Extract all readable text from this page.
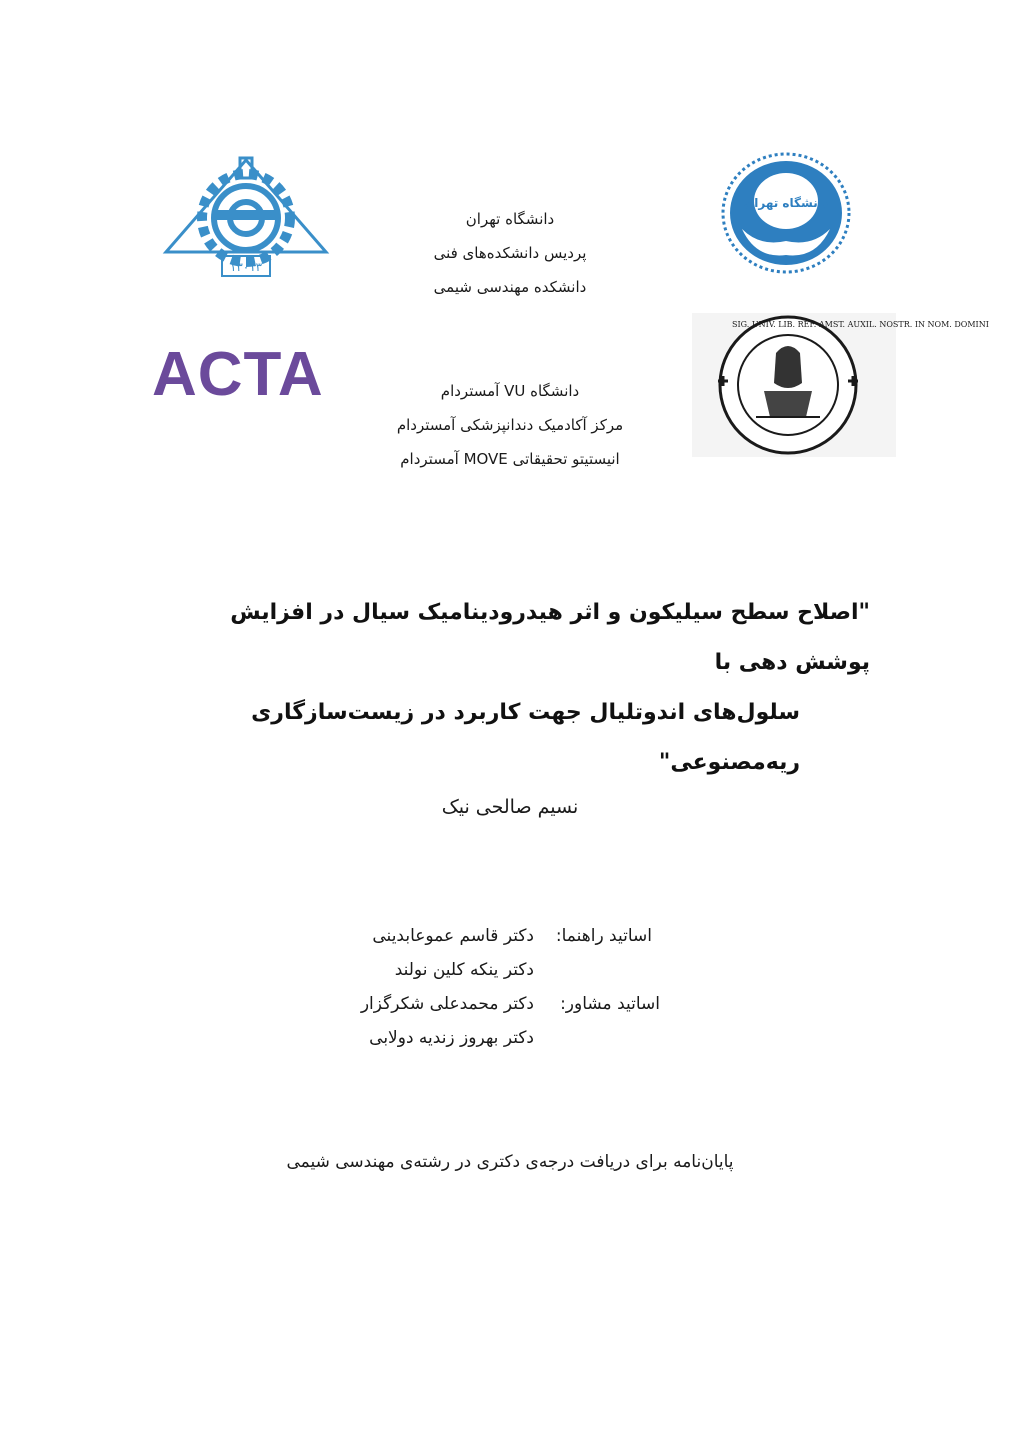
۱۳۰۱۳
دانشگاه تهران
ACTA
SIG. UNIV. LIB. REF. AMST. AUXIL. NOSTR. IN NOM. DOMINI
دانشگاه تهران
پردیس دانشکده‌های فنی
دانشکده مهندسی شیمی
دانشگاه VU آمستردام
مرکز آکادمیک دندانپزشکی آمستردام
انیستیتو تحقیقاتی MOVE آمستردام
"اصلاح سطح سیلیکون و اثر هیدرودینامیک سیال در افزایش پوشش دهی با
سلول‌های اندوتلیال جهت کاربرد در زیست‌سازگاری ریه‌مصنوعی"
نسیم صالحی نیک
اساتید راهنما:
دکتر قاسم عموعابدینی
دکتر ینکه کلین نولند
اساتید مشاور:
دکتر محمدعلی شکرگزار
دکتر بهروز زندیه دولابی
پایان‌نامه برای دریافت درجه‌ی دکتری در رشته‌ی مهندسی شیمی
